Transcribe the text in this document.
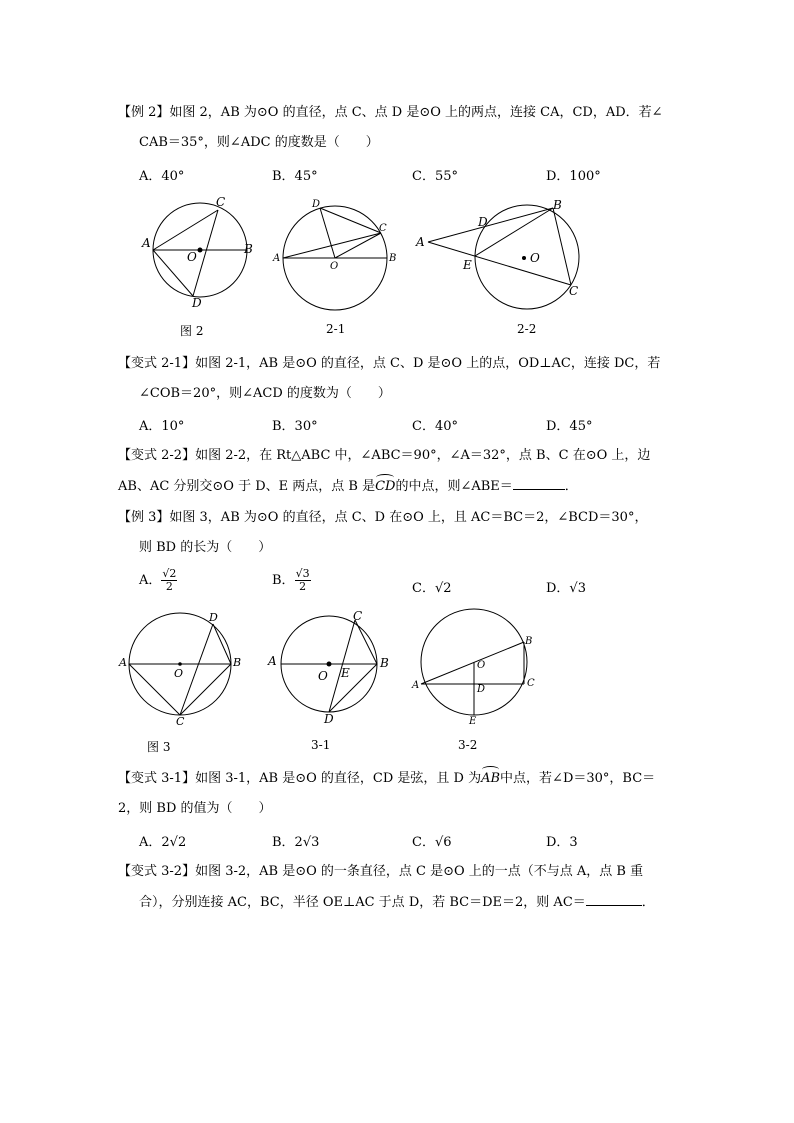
【例 2】如图 2，AB 为⊙O 的直径，点 C、点 D 是⊙O 上的两点，连接 CA，CD，AD．若∠
CAB＝35°，则∠ADC 的度数是（　　）
A．40°	B．45°	C．55°	D．100°
A	B
C
D
O	A	B
C
D
O
A
B
C
D
E	O
图 2	2-1	2-2
【变式 2-1】如图 2-1，AB 是⊙O 的直径，点 C、D 是⊙O 上的点，OD⊥AC，连接 DC，若
∠COB＝20°，则∠ACD 的度数为（　　）
A．10°	B．30°	C．40°	D．45°
【变式 2-2】如图 2-2，在 Rt△ABC 中，∠ABC＝90°，∠A＝32°，点 B、C 在⊙O 上，边
AB、AC 分别交⊙O 于 D、E 两点，点 B 是
CD的中点，则∠ABE＝	．
【例 3】如图 3，AB 为⊙O 的直径，点 C、D 在⊙O 上，且 AC＝BC＝2，∠BCD＝30°，
则 BD 的长为（　　）
A． $\frac{√2}{2}$	B． $\frac{√3}{2}$	C．√2	D．√3
A	B
C
D
O
A	B
C
D
E
O
A
B
C
D
E
O
图 3	3-1	3-2
【变式 3-1】如图 3-1，AB 是⊙O 的直径，CD 是弦，且 D 为
AB中点，若∠D＝30°，BC＝
2，则 BD 的值为（　　）
A．2√2	B．2√3	C．√6	D．3
【变式 3-2】如图 3-2，AB 是⊙O 的一条直径，点 C 是⊙O 上的一点（不与点 A，点 B 重
合），分别连接 AC，BC，半径 OE⊥AC 于点 D，若 BC＝DE＝2，则 AC＝	．
